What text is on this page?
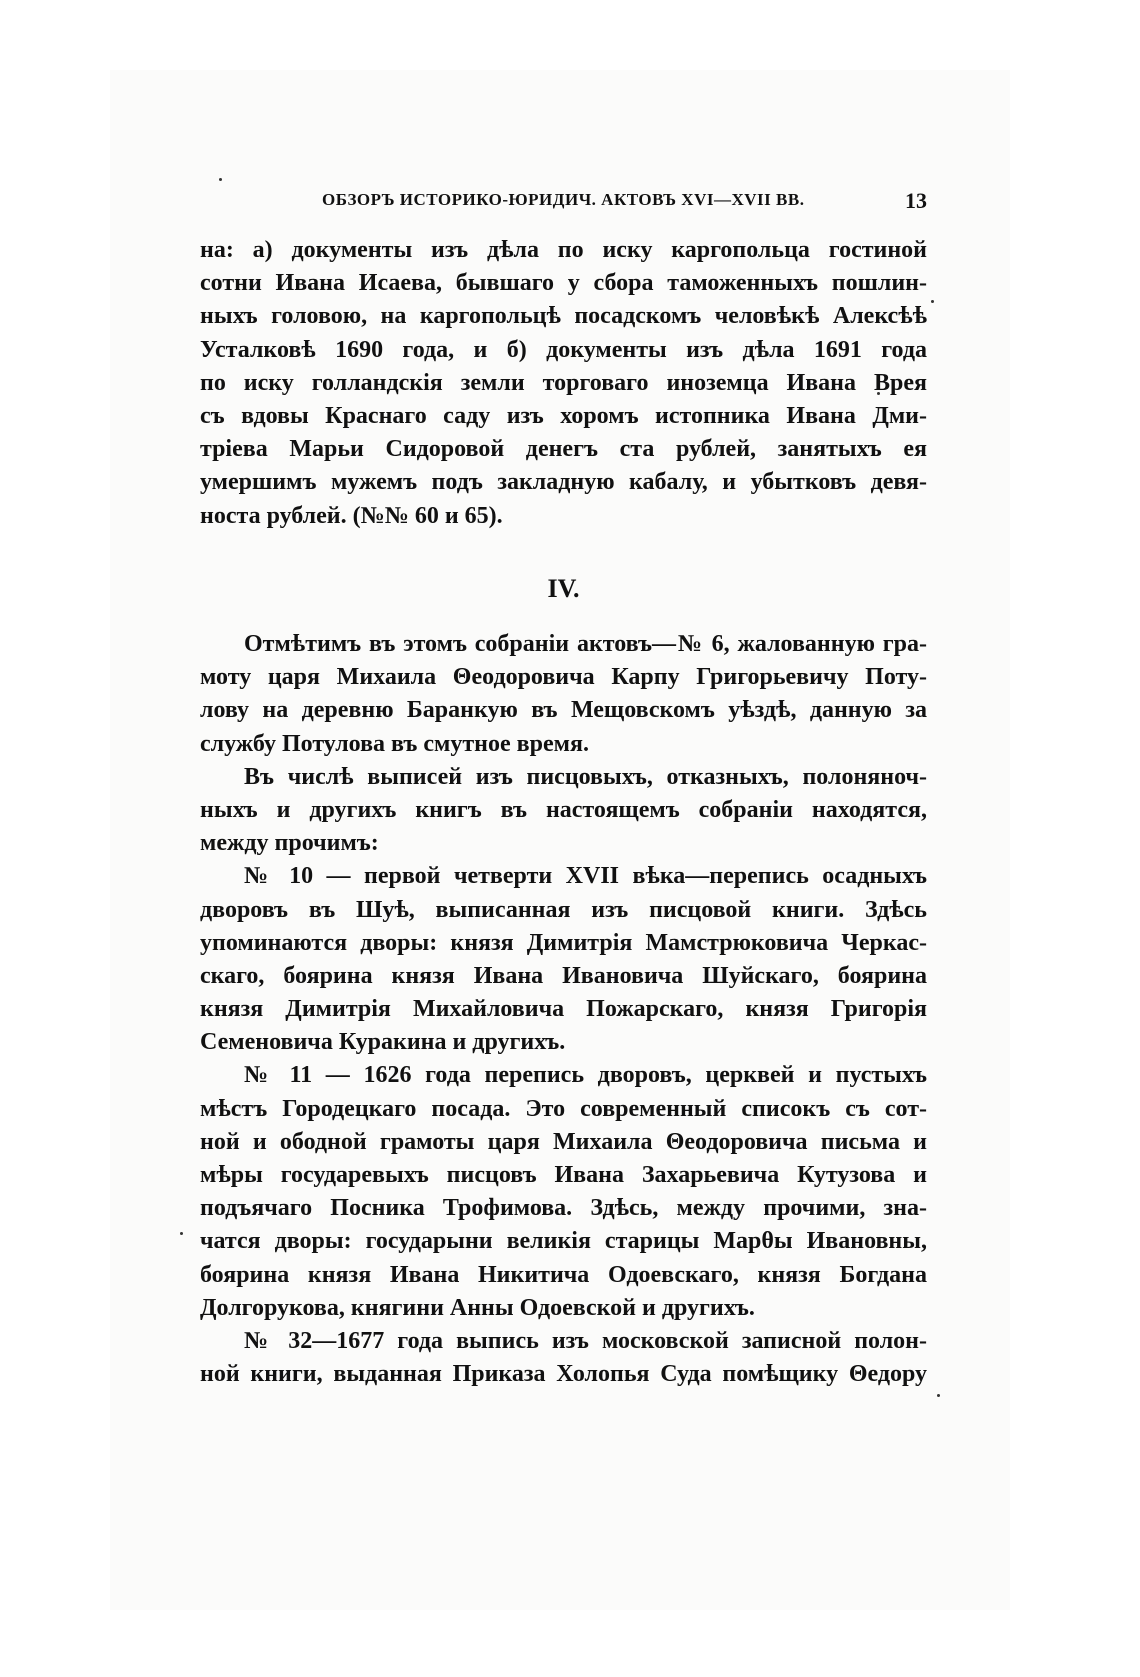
ОБЗОРЪ ИСТОРИКО-ЮРИДИЧ. АКТОВЪ XVI—XVII ВВ.	13
на: а) документы изъ дѣла по иску каргопольца гостиной
сотни Ивана Исаева, бывшаго у сбора таможенныхъ пошлин-
ныхъ головою, на каргопольцѣ посадскомъ человѣкѣ Алексѣѣ
Усталковѣ 1690 года, и б) документы изъ дѣла 1691 года
по иску голландскія земли торговаго иноземца Ивана Врея
съ вдовы Краснаго саду изъ хоромъ истопника Ивана Дми-
тріева Марьи Сидоровой денегъ ста рублей, занятыхъ ея
умершимъ мужемъ подъ закладную кабалу, и убытковъ девя-
носта рублей. (№№ 60 и 65).
IV.
Отмѣтимъ въ этомъ собраніи актовъ—№ 6, жалованную гра-
моту царя Михаила Θеодоровича Карпу Григорьевичу Поту-
лову на деревню Баранкую въ Мещовскомъ уѣздѣ, данную за
службу Потулова въ смутное время.
Въ числѣ выписей изъ писцовыхъ, отказныхъ, полоняноч-
ныхъ и другихъ книгъ въ настоящемъ собраніи находятся,
между прочимъ:
№ 10 — первой четверти XVII вѣка—перепись осадныхъ
дворовъ въ Шуѣ, выписанная изъ писцовой книги. Здѣсь
упоминаются дворы: князя Димитрія Мамстрюковича Черкас-
скаго, боярина князя Ивана Ивановича Шуйскаго, боярина
князя Димитрія Михайловича Пожарскаго, князя Григорія
Семеновича Куракина и другихъ.
№ 11 — 1626 года перепись дворовъ, церквей и пустыхъ
мѣстъ Городецкаго посада. Это современный списокъ съ сот-
ной и ободной грамоты царя Михаила Θеодоровича письма и
мѣры государевыхъ писцовъ Ивана Захарьевича Кутузова и
подъячаго Посника Трофимова. Здѣсь, между прочими, зна-
чатся дворы: государыни великія старицы Марθы Ивановны,
боярина князя Ивана Никитича Одоевскаго, князя Богдана
Долгорукова, княгини Анны Одоевской и другихъ.
№ 32—1677 года выпись изъ московской записной полон-
ной книги, выданная Приказа Холопья Суда помѣщику Θедору
